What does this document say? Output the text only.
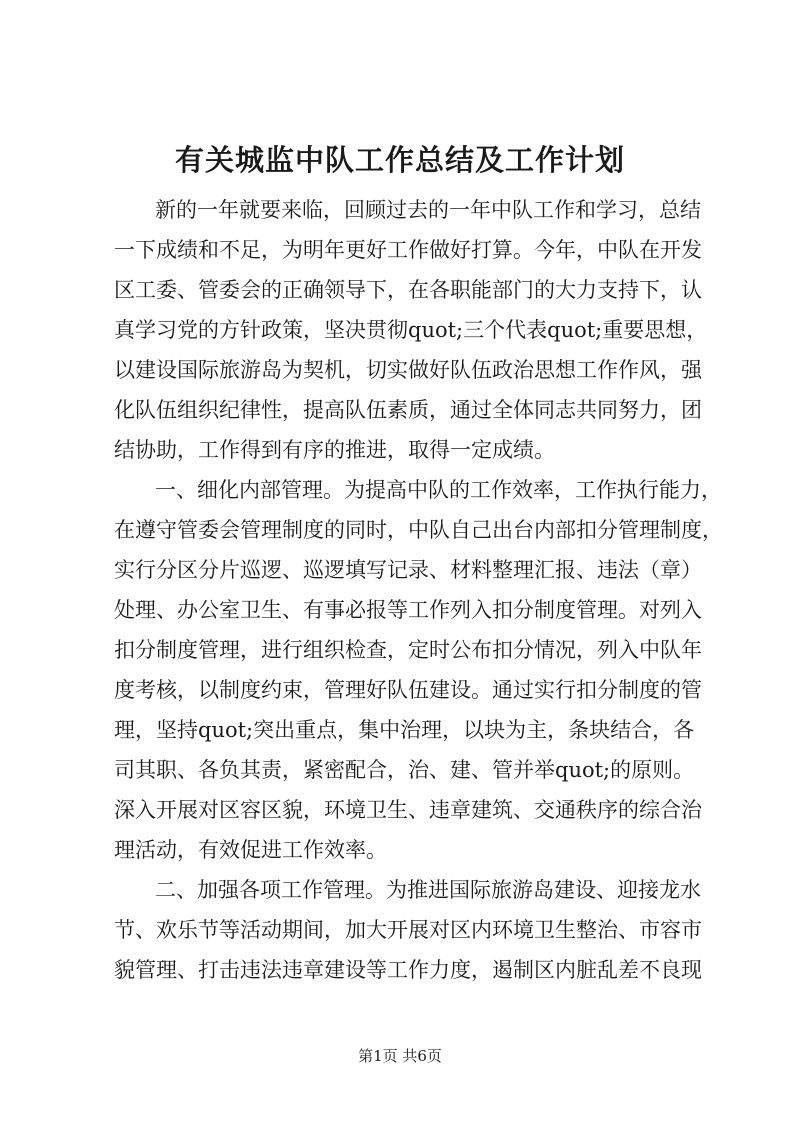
有关城监中队工作总结及工作计划
新的一年就要来临，回顾过去的一年中队工作和学习，总结
一下成绩和不足，为明年更好工作做好打算。今年，中队在开发
区工委、管委会的正确领导下，在各职能部门的大力支持下，认
真学习党的方针政策，坚决贯彻quot;三个代表quot;重要思想，
以建设国际旅游岛为契机，切实做好队伍政治思想工作作风，强
化队伍组织纪律性，提高队伍素质，通过全体同志共同努力，团
结协助，工作得到有序的推进，取得一定成绩。
一、细化内部管理。为提高中队的工作效率，工作执行能力，
在遵守管委会管理制度的同时，中队自己出台内部扣分管理制度，
实行分区分片巡逻、巡逻填写记录、材料整理汇报、违法（章）
处理、办公室卫生、有事必报等工作列入扣分制度管理。对列入
扣分制度管理，进行组织检查，定时公布扣分情况，列入中队年
度考核，以制度约束，管理好队伍建设。通过实行扣分制度的管
理，坚持quot;突出重点，集中治理，以块为主，条块结合，各
司其职、各负其责，紧密配合，治、建、管并举quot;的原则。
深入开展对区容区貌，环境卫生、违章建筑、交通秩序的综合治
理活动，有效促进工作效率。
二、加强各项工作管理。为推进国际旅游岛建设、迎接龙水
节、欢乐节等活动期间，加大开展对区内环境卫生整治、市容市
貌管理、打击违法违章建设等工作力度，遏制区内脏乱差不良现
第1页 共6页
